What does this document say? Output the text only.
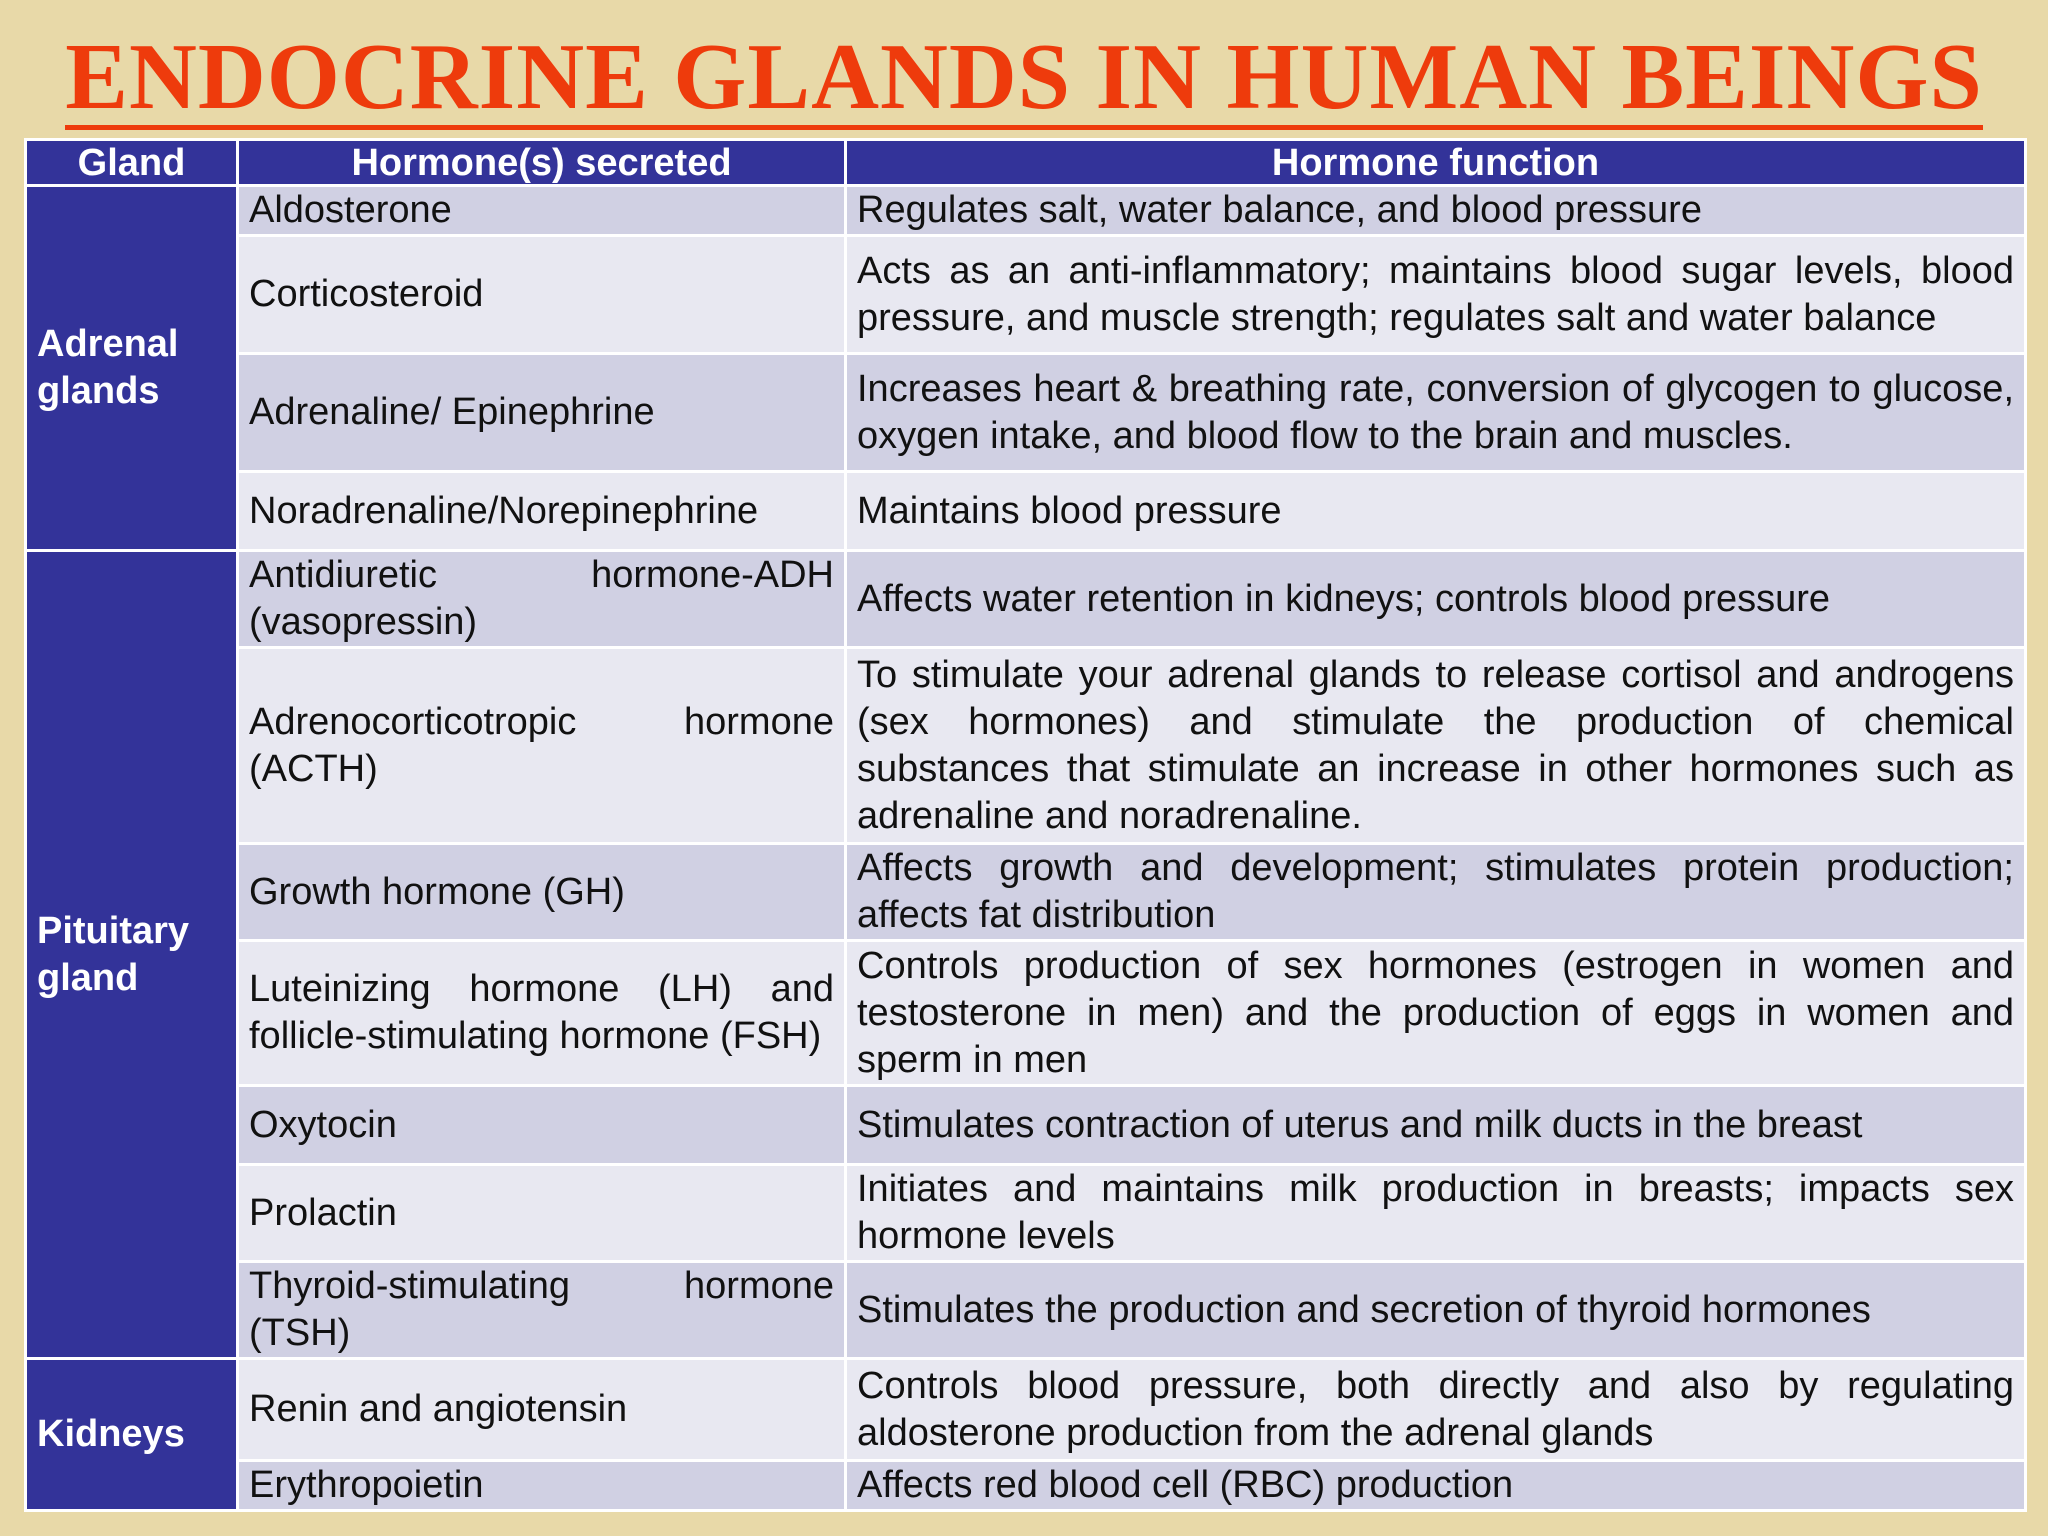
ENDOCRINE GLANDS IN HUMAN BEINGS
Gland	Hormone(s) secreted	Hormone function
Adrenal glands	Aldosterone	Regulates salt, water balance, and blood pressure
	Corticosteroid	Acts as an anti-inflammatory; maintains blood sugar levels, blood pressure, and muscle strength; regulates salt and water balance
	Adrenaline/ Epinephrine	Increases heart & breathing rate, conversion of glycogen to glucose, oxygen intake, and blood flow to the brain and muscles.
	Noradrenaline/Norepinephrine	Maintains blood pressure
Pituitary gland	Antidiuretic hormone-ADH (vasopressin)	Affects water retention in kidneys; controls blood pressure
	Adrenocorticotropic hormone (ACTH)	To stimulate your adrenal glands to release cortisol and androgens (sex hormones) and stimulate the production of chemical substances that stimulate an increase in other hormones such as adrenaline and noradrenaline.
	Growth hormone (GH)	Affects growth and development; stimulates protein production; affects fat distribution
	Luteinizing hormone (LH) and follicle-stimulating hormone (FSH)	Controls production of sex hormones (estrogen in women and testosterone in men) and the production of eggs in women and sperm in men
	Oxytocin	Stimulates contraction of uterus and milk ducts in the breast
	Prolactin	Initiates and maintains milk production in breasts; impacts sex hormone levels
	Thyroid-stimulating hormone (TSH)	Stimulates the production and secretion of thyroid hormones
Kidneys	Renin and angiotensin	Controls blood pressure, both directly and also by regulating aldosterone production from the adrenal glands
	Erythropoietin	Affects red blood cell (RBC) production
